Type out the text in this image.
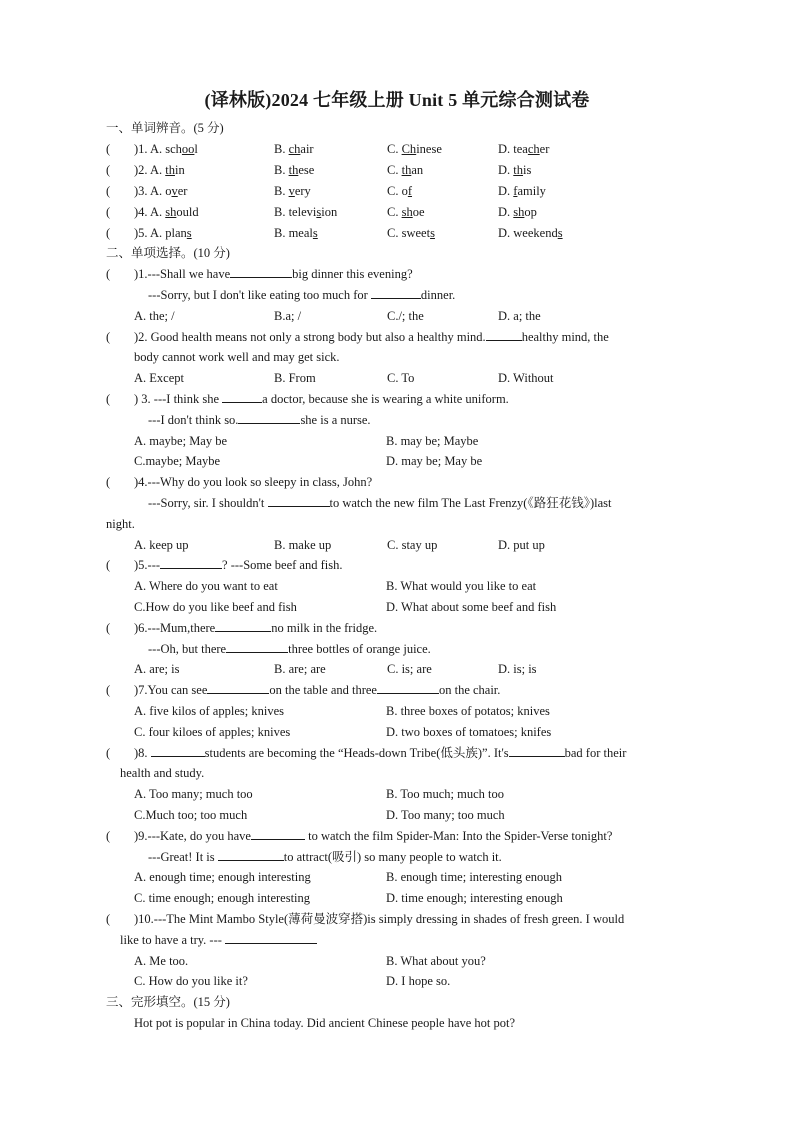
(译林版)2024 七年级上册 Unit 5 单元综合测试卷
一、单词辨音。(5 分)
( )1. A. school	B. chair	C. Chinese	D. teacher
( )2. A. thin	B. these	C. than	D. this
( )3. A. over	B. very	C. of	D. family
( )4. A. should	B. television	C. shoe	D. shop
( )5. A. plans	B. meals	C. sweets	D. weekends
二、单项选择。(10 分)
( )1.---Shall we have	big dinner this evening?
---Sorry, but I don't like eating too much for	dinner.
A. the; /	B.a; /	C./; the	D. a; the
( )2. Good health means not only a strong body but also a healthy mind.	healthy mind, the
body cannot work well and may get sick.
A. Except	B. From	C. To	D. Without
( ) 3. ---I think she	a doctor, because she is wearing a white uniform.
---I don't think so.	she is a nurse.
A. maybe; May be	B. may be; Maybe
C.maybe; Maybe	D. may be; May be
( )4.---Why do you look so sleepy in class, John?
---Sorry, sir. I shouldn't	to watch the new film The Last Frenzy(《路狂花钱》)last
night.
A. keep up	B. make up	C. stay up	D. put up
( )5.---	? ---Some beef and fish.
A. Where do you want to eat	B. What would you like to eat
C.How do you like beef and fish	D. What about some beef and fish
( )6.---Mum,there	no milk in the fridge.
---Oh, but there	three bottles of orange juice.
A. are; is	B. are; are	C. is; are	D. is; is
( )7.You can see	on the table and three	on the chair.
A. five kilos of apples; knives	B. three boxes of potatos; knives
C. four kiloes of apples; knives	D. two boxes of tomatoes; knifes
( )8.	students are becoming the “Heads-down Tribe(低头族)”. It's	bad for their
health and study.
A. Too many; much too	B. Too much; much too
C.Much too; too much	D. Too many; too much
( )9.---Kate, do you have	to watch the film Spider-Man: Into the Spider-Verse tonight?
---Great! It is	to attract(吸引) so many people to watch it.
A. enough time; enough interesting	B. enough time; interesting enough
C. time enough; enough interesting	D. time enough; interesting enough
( )10.---The Mint Mambo Style(薄荷曼波穿搭)is simply dressing in shades of fresh green. I would
like to have a try. ---
A. Me too.	B. What about you?
C. How do you like it?	D. I hope so.
三、完形填空。(15 分)
Hot pot is popular in China today. Did ancient Chinese people have hot pot?
